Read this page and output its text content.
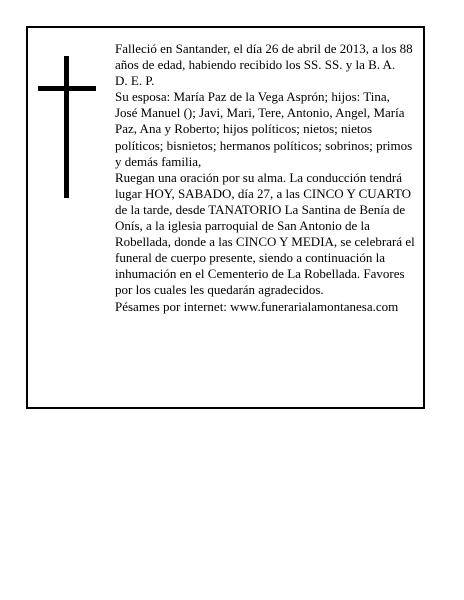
Falleció en Santander, el día 26 de abril de 2013, a los 88 años de edad, habiendo recibido los SS. SS. y la B. A.

D. E. P.

Su esposa: María Paz de la Vega Asprón; hijos: Tina, José Manuel (); Javi, Mari, Tere, Antonio, Angel, María Paz, Ana y Roberto; hijos políticos; nietos; nietos políticos; bisnietos; hermanos políticos; sobrinos; primos y demás familia,

Ruegan una oración por su alma. La conducción tendrá lugar HOY, SABADO, día 27, a las CINCO Y CUARTO de la tarde, desde TANATORIO La Santina de Benía de Onís, a la iglesia parroquial de San Antonio de la Robellada, donde a las CINCO Y MEDIA, se celebrará el funeral de cuerpo presente, siendo a continuación la inhumación en el Cementerio de La Robellada. Favores por los cuales les quedarán agradecidos.

Pésames por internet: www.funerarialamontanesa.com
